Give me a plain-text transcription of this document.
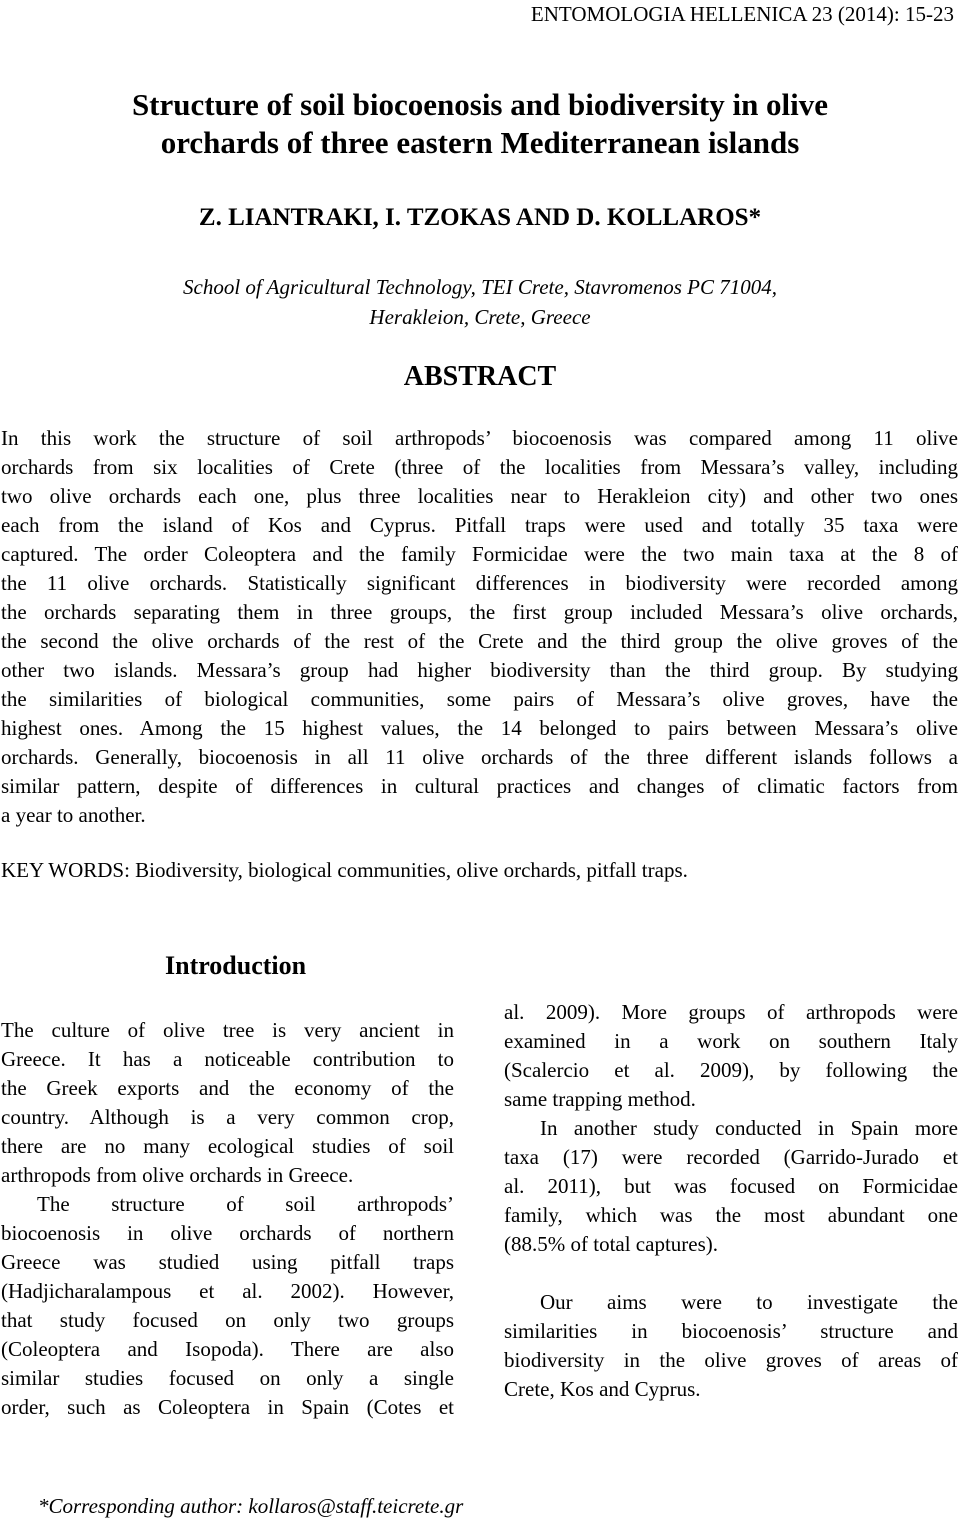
ENTOMOLOGIA HELLENICA 23 (2014): 15-23
Structure of soil biocoenosis and biodiversity in olive
orchards of three eastern Mediterranean islands
Z. LIANTRAKI, I. TZOKAS AND D. KOLLAROS*
School of Agricultural Technology, TEI Crete, Stavromenos PC 71004,
Herakleion, Crete, Greece
ABSTRACT
In this work the structure of soil arthropods’ biocoenosis was compared among 11 olive
orchards from six localities of Crete (three of the localities from Messara’s valley, including
two olive orchards each one, plus three localities near to Herakleion city) and other two ones
each from the island of Kos and Cyprus. Pitfall traps were used and totally 35 taxa were
captured. The order Coleoptera and the family Formicidae were the two main taxa at the 8 of
the 11 olive orchards. Statistically significant differences in biodiversity were recorded among
the orchards separating them in three groups, the first group included Messara’s olive orchards,
the second the olive orchards of the rest of the Crete and the third group the olive groves of the
other two islands. Messara’s group had higher biodiversity than the third group. By studying
the similarities of biological communities, some pairs of Messara’s olive groves, have the
highest ones. Among the 15 highest values, the 14 belonged to pairs between Messara’s olive
orchards. Generally, biocoenosis in all 11 olive orchards of the three different islands follows a
similar pattern, despite of differences in cultural practices and changes of climatic factors from
a year to another.
KEY WORDS: Biodiversity, biological communities, olive orchards, pitfall traps.
Introduction
The culture of olive tree is very ancient in
Greece. It has a noticeable contribution to
the Greek exports and the economy of the
country. Although is a very common crop,
there are no many ecological studies of soil
arthropods from olive orchards in Greece.
The structure of soil arthropods’
biocoenosis in olive orchards of northern
Greece was studied using pitfall traps
(Hadjicharalampous et al. 2002). However,
that study focused on only two groups
(Coleoptera and Isopoda). There are also
similar studies focused on only a single
order, such as Coleoptera in Spain (Cotes et
al. 2009). More groups of arthropods were
examined in a work on southern Italy
(Scalercio et al. 2009), by following the
same trapping method.
In another study conducted in Spain more
taxa (17) were recorded (Garrido-Jurado et
al. 2011), but was focused on Formicidae
family, which was the most abundant one
(88.5% of total captures).
Our aims were to investigate the
similarities in biocoenosis’ structure and
biodiversity in the olive groves of areas of
Crete, Kos and Cyprus.
*Corresponding author: kollaros@staff.teicrete.gr
